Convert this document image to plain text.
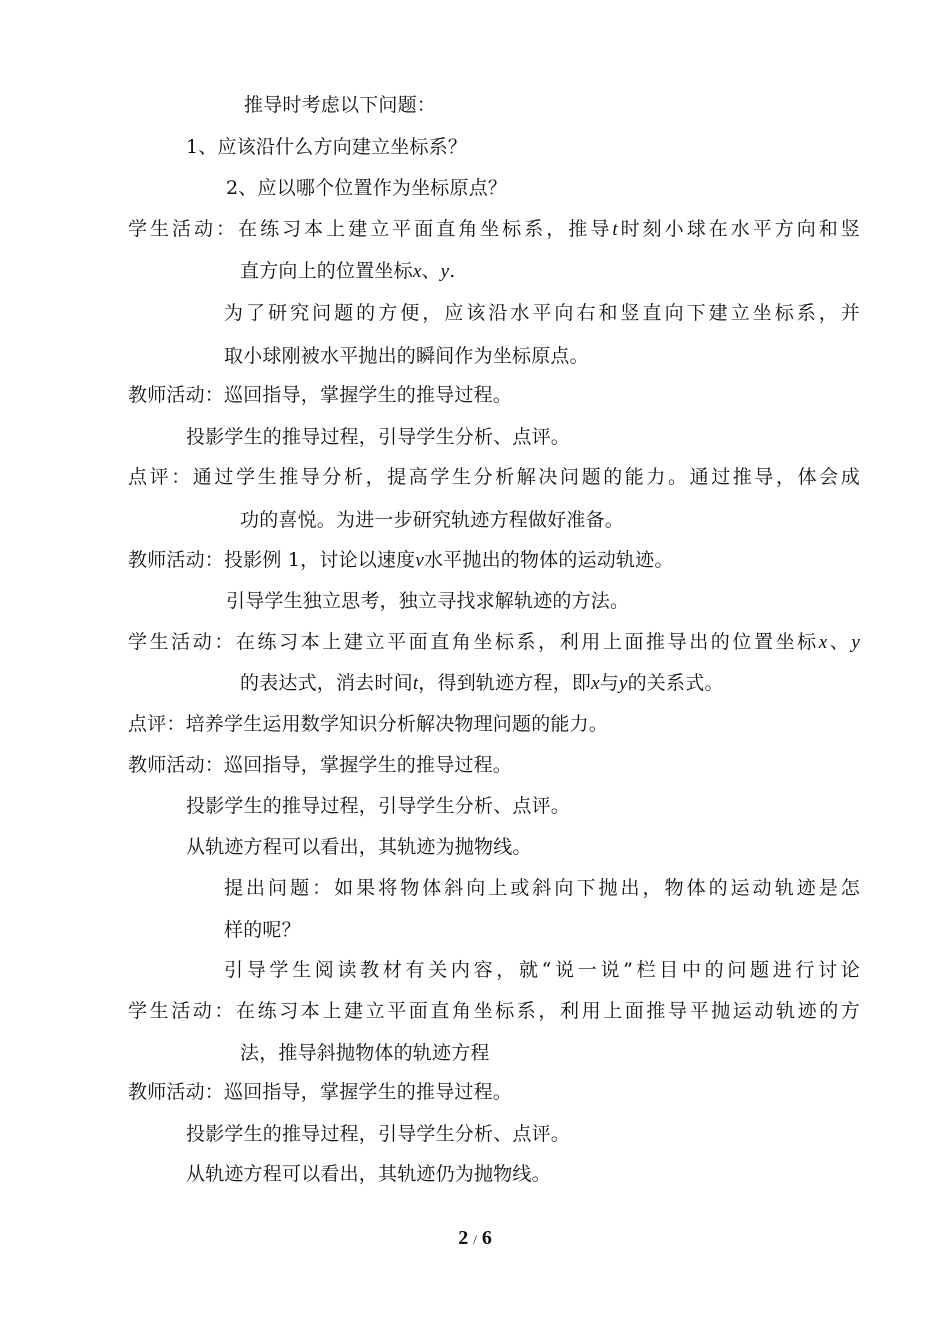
推导时考虑以下问题：
1、应该沿什么方向建立坐标系？
2、应以哪个位置作为坐标原点？
学生活动：在练习本上建立平面直角坐标系，推导t时刻小球在水平方向和竖
直方向上的位置坐标x、y.
为了研究问题的方便，应该沿水平向右和竖直向下建立坐标系，并
取小球刚被水平抛出的瞬间作为坐标原点。
教师活动：巡回指导，掌握学生的推导过程。
投影学生的推导过程，引导学生分析、点评。
点评：通过学生推导分析，提高学生分析解决问题的能力。通过推导，体会成
功的喜悦。为进一步研究轨迹方程做好准备。
教师活动：投影例 1，讨论以速度v水平抛出的物体的运动轨迹。
引导学生独立思考，独立寻找求解轨迹的方法。
学生活动：在练习本上建立平面直角坐标系，利用上面推导出的位置坐标x、y
的表达式，消去时间t，得到轨迹方程，即x与y的关系式。
点评：培养学生运用数学知识分析解决物理问题的能力。
教师活动：巡回指导，掌握学生的推导过程。
投影学生的推导过程，引导学生分析、点评。
从轨迹方程可以看出，其轨迹为抛物线。
提出问题：如果将物体斜向上或斜向下抛出，物体的运动轨迹是怎
样的呢？
引导学生阅读教材有关内容，就“说一说”栏目中的问题进行讨论
学生活动：在练习本上建立平面直角坐标系，利用上面推导平抛运动轨迹的方
法，推导斜抛物体的轨迹方程
教师活动：巡回指导，掌握学生的推导过程。
投影学生的推导过程，引导学生分析、点评。
从轨迹方程可以看出，其轨迹仍为抛物线。
2 / 6
